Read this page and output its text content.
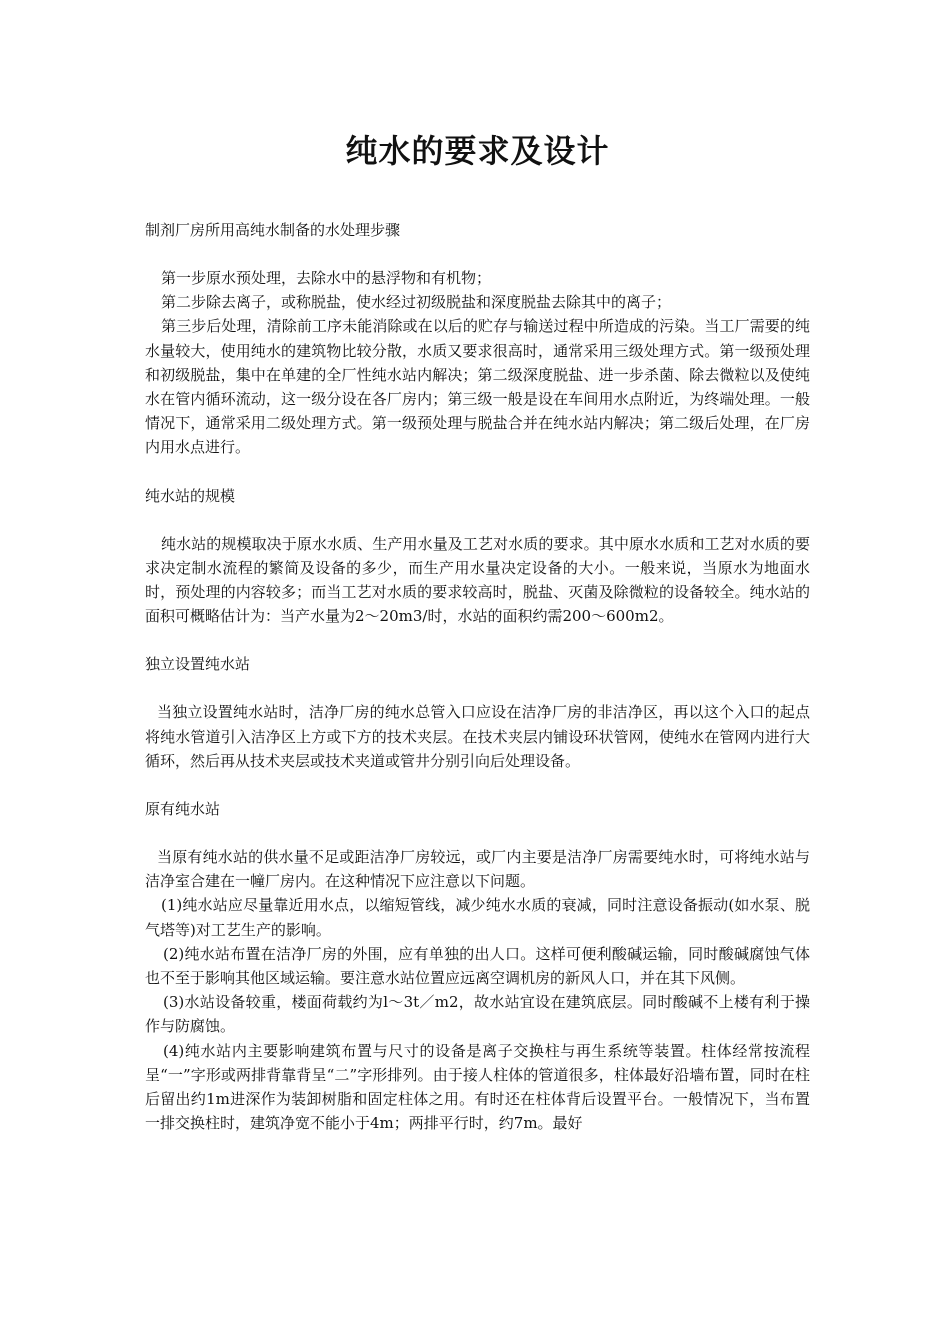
纯水的要求及设计

制剂厂房所用高纯水制备的水处理步骤

第一步原水预处理，去除水中的悬浮物和有机物；

第二步除去离子，或称脱盐，使水经过初级脱盐和深度脱盐去除其中的离子；

第三步后处理，清除前工序未能消除或在以后的贮存与输送过程中所造成的污染。当工厂需要的纯水量较大，使用纯水的建筑物比较分散，水质又要求很高时，通常采用三级处理方式。第一级预处理和初级脱盐，集中在单建的全厂性纯水站内解决；第二级深度脱盐、进一步杀菌、除去微粒以及使纯水在管内循环流动，这一级分设在各厂房内；第三级一般是设在车间用水点附近，为终端处理。一般情况下，通常采用二级处理方式。第一级预处理与脱盐合并在纯水站内解决；第二级后处理，在厂房内用水点进行。

纯水站的规模

纯水站的规模取决于原水水质、生产用水量及工艺对水质的要求。其中原水水质和工艺对水质的要求决定制水流程的繁简及设备的多少，而生产用水量决定设备的大小。一般来说，当原水为地面水时，预处理的内容较多；而当工艺对水质的要求较高时，脱盐、灭菌及除微粒的设备较全。纯水站的面积可概略估计为：当产水量为2～20m3/时，水站的面积约需200～600m2。

独立设置纯水站

当独立设置纯水站时，洁净厂房的纯水总管入口应设在洁净厂房的非洁净区，再以这个入口的起点将纯水管道引入洁净区上方或下方的技术夹层。在技术夹层内铺设环状管网，使纯水在管网内进行大循环，然后再从技术夹层或技术夹道或管井分别引向后处理设备。

原有纯水站

当原有纯水站的供水量不足或距洁净厂房较远，或厂内主要是洁净厂房需要纯水时，可将纯水站与洁净室合建在一幢厂房内。在这种情况下应注意以下问题。

(1)纯水站应尽量靠近用水点，以缩短管线，减少纯水水质的衰减，同时注意设备振动(如水泵、脱气塔等)对工艺生产的影响。

(2)纯水站布置在洁净厂房的外围，应有单独的出人口。这样可便利酸碱运输，同时酸碱腐蚀气体也不至于影响其他区域运输。要注意水站位置应远离空调机房的新风人口，并在其下风侧。

(3)水站设备较重，楼面荷载约为l～3t／m2，故水站宜设在建筑底层。同时酸碱不上楼有利于操作与防腐蚀。

(4)纯水站内主要影响建筑布置与尺寸的设备是离子交换柱与再生系统等装置。柱体经常按流程呈“一”字形或两排背靠背呈“二”字形排列。由于接人柱体的管道很多，柱体最好沿墙布置，同时在柱后留出约1m进深作为装卸树脂和固定柱体之用。有时还在柱体背后设置平台。一般情况下，当布置一排交换柱时，建筑净宽不能小于4m；两排平行时，约7m。最好
